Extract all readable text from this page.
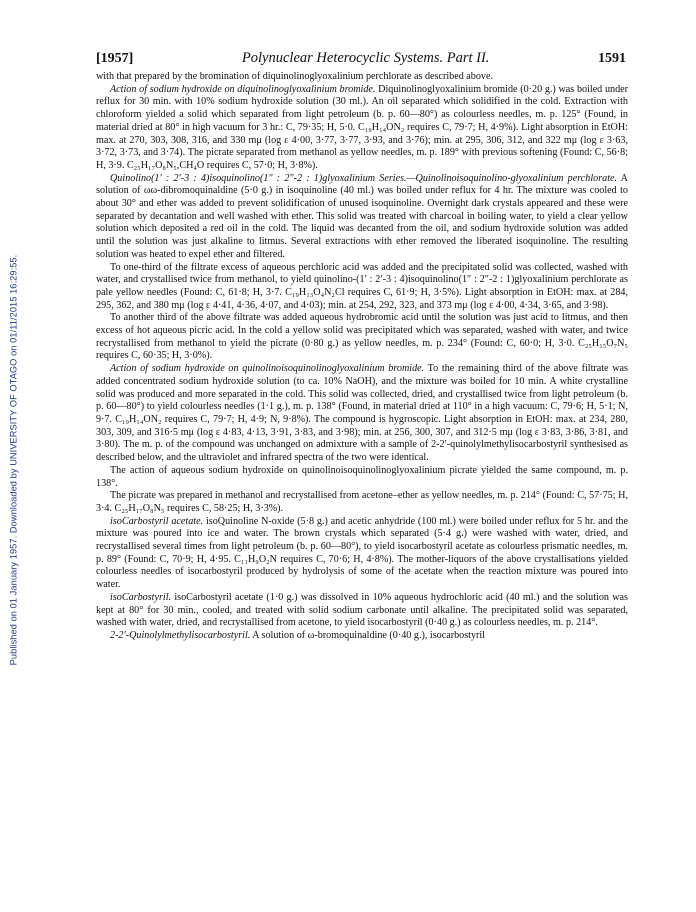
Published on 01 January 1957. Downloaded by UNIVERSITY OF OTAGO on 01/11/2015 16:29:55.
[1957]	Polynuclear Heterocyclic Systems. Part II.	1591

with that prepared by the bromination of diquinolinoglyoxalinium perchlorate as described above.

Action of sodium hydroxide on diquinolinoglyoxalinium bromide. Diquinolinoglyoxalinium bromide (0·20 g.) was boiled under reflux for 30 min. with 10% sodium hydroxide solution (30 ml.). An oil separated which solidified in the cold. Extraction with chloroform yielded a solid which separated from light petroleum (b. p. 60—80°) as colourless needles, m. p. 125° (Found, in material dried at 80° in high vacuum for 3 hr.: C, 79·35; H, 5·0. C₁₉H₁₄ON₂ requires C, 79·7; H, 4·9%). Light absorption in EtOH: max. at 270, 303, 308, 316, and 330 mμ (log ε 4·00, 3·77, 3·77, 3·93, and 3·76); min. at 295, 306, 312, and 322 mμ (log ε 3·63, 3·72, 3·73, and 3·74). The picrate separated from methanol as yellow needles, m. p. 189° with previous softening (Found: C, 56·8; H, 3·9. C₂₅H₁₇O₈N₅,CH₄O requires C, 57·0; H, 3·8%).

Quinolino(1′ : 2′-3 : 4)isoquinolino(1″ : 2″-2 : 1)glyoxalinium Series.—Quinolinoisoquinolino-glyoxalinium perchlorate. A solution of ωω-dibromoquinaldine (5·0 g.) in isoquinoline (40 ml.) was boiled under reflux for 4 hr. The mixture was cooled to about 30° and ether was added to prevent solidification of unused isoquinoline. Overnight dark crystals appeared and these were separated by decantation and well washed with ether. This solid was treated with charcoal in boiling water, to yield a clear yellow solution which deposited a red oil in the cold. The liquid was decanted from the oil, and sodium hydroxide solution was added until the solution was just alkaline to litmus. Several extractions with ether removed the liberated isoquinoline. The resulting solution was heated to expel ether and filtered.

To one-third of the filtrate excess of aqueous perchloric acid was added and the precipitated solid was collected, washed with water, and crystallised twice from methanol, to yield quinolino-(1′ : 2′-3 : 4)isoquinolino(1″ : 2″-2 : 1)glyoxalinium perchlorate as pale yellow needles (Found: C, 61·8; H, 3·7. C₁₉H₁₃O₄N₂Cl requires C, 61·9; H, 3·5%). Light absorption in EtOH: max. at 284, 295, 362, and 380 mμ (log ε 4·41, 4·36, 4·07, and 4·03); min. at 254, 292, 323, and 373 mμ (log ε 4·00, 4·34, 3·65, and 3·98).

To another third of the above filtrate was added aqueous hydrobromic acid until the solution was just acid to litmus, and then excess of hot aqueous picric acid. In the cold a yellow solid was precipitated which was separated, washed with water, and twice recrystallised from methanol to yield the picrate (0·80 g.) as yellow needles, m. p. 234° (Found: C, 60·0; H, 3·0. C₂₅H₁₅O₇N₅ requires C, 60·35; H, 3·0%).

Action of sodium hydroxide on quinolinoisoquinolinoglyoxalinium bromide. To the remaining third of the above filtrate was added concentrated sodium hydroxide solution (to ca. 10% NaOH), and the mixture was boiled for 10 min. A white crystalline solid was produced and more separated in the cold. This solid was collected, dried, and crystallised twice from light petroleum (b. p. 60—80°) to yield colourless needles (1·1 g.), m. p. 138° (Found, in material dried at 110° in a high vacuum: C, 79·6; H, 5·1; N, 9·7. C₁₉H₁₄ON₂ requires C, 79·7; H, 4·9; N, 9·8%). The compound is hygroscopic. Light absorption in EtOH: max. at 234, 280, 303, 309, and 316·5 mμ (log ε 4·83, 4·13, 3·91, 3·83, and 3·98); min. at 256, 300, 307, and 312·5 mμ (log ε 3·83, 3·86, 3·81, and 3·80). The m. p. of the compound was unchanged on admixture with a sample of 2-2′-quinolylmethylisocarbostyril synthesised as described below, and the ultraviolet and infrared spectra of the two were identical.

The action of aqueous sodium hydroxide on quinolinoisoquinolinoglyoxalinium picrate yielded the same compound, m. p. 138°.

The picrate was prepared in methanol and recrystallised from acetone–ether as yellow needles, m. p. 214° (Found: C, 57·75; H, 3·4. C₂₅H₁₇O₈N₅ requires C, 58·25; H, 3·3%).

isoCarbostyril acetate. isoQuinoline N-oxide (5·8 g.) and acetic anhydride (100 ml.) were boiled under reflux for 5 hr. and the mixture was poured into ice and water. The brown crystals which separated (5·4 g.) were washed with water, dried, and recrystallised several times from light petroleum (b. p. 60—80°), to yield isocarbostyril acetate as colourless prismatic needles, m. p. 89° (Found: C, 70·9; H, 4·95. C₁₁H₉O₂N requires C, 70·6; H, 4·8%). The mother-liquors of the above crystallisations yielded colourless needles of isocarbostyril produced by hydrolysis of some of the acetate when the reaction mixture was poured into water.

isoCarbostyril. isoCarbostyril acetate (1·0 g.) was dissolved in 10% aqueous hydrochloric acid (40 ml.) and the solution was kept at 80° for 30 min., cooled, and treated with solid sodium carbonate until alkaline. The precipitated solid was separated, washed with water, dried, and recrystallised from acetone, to yield isocarbostyril (0·40 g.) as colourless needles, m. p. 214°.

2-2′-Quinolylmethylisocarbostyril. A solution of ω-bromoquinaldine (0·40 g.), isocarbostyril
